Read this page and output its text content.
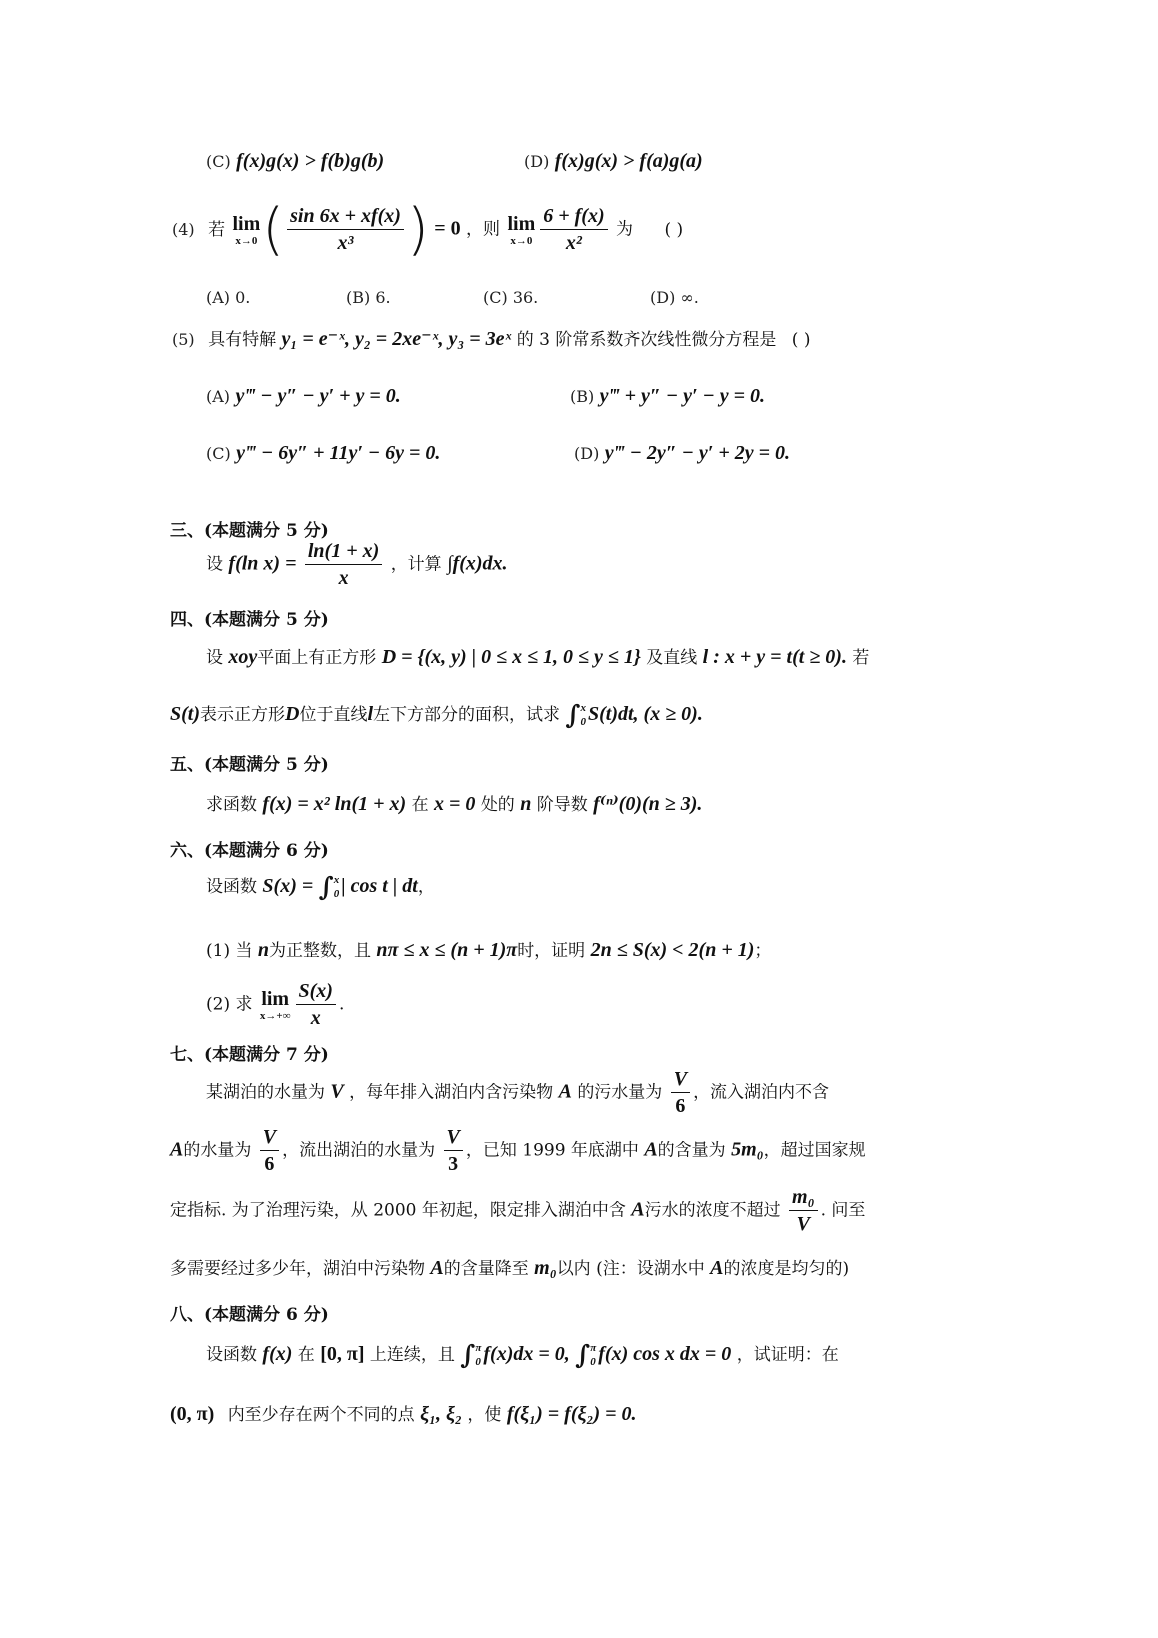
(C) f(x)g(x) > f(b)g(b)	(D) f(x)g(x) > f(a)g(a)
(4) 若 lim
x→0 ( $\frac{\sin 6x + xf(x)}{\text{x³}}$ ) = 0 ，则 lim
$x\to 0 \frac{6 + f(x)}{\text{x²}}$ 为 ( )
(A) 0.	(B) 6.	(C) 36.	(D) ∞.
(5) 具有特解 y₁ = e⁻ˣ, y₂ = 2xe⁻ˣ, y₃ = 3eˣ 的 3 阶常系数齐次线性微分方程是 ( )
(A) y‴ − y″ − y′ + y = 0.	(B) y‴ + y″ − y′ − y = 0.
(C) y‴ − 6y″ + 11y′ − 6y = 0.	(D) y‴ − 2y″ − y′ + 2y = 0.
三、(本题满分 5 分)
设 f(ln $x) = \frac{\ln(1 + x)}{x}$ ，计算 ∫f(x)dx.
四、(本题满分 5 分)
设 xoy平面上有正方形 D = {(x, y) | 0 ≤ x ≤ 1, 0 ≤ y ≤ 1} 及直线 l : x + y = t(t ≥ 0). 若
S(t)表示正方形D位于直线l左下方部分的面积，试求 ∫x
0 S(t)dt, (x ≥ 0).
五、(本题满分 5 分)
求函数 f(x) = x² ln(1 + x) 在 x = 0 处的 n 阶导数 f⁽ⁿ⁾(0)(n ≥ 3).
六、(本题满分 6 分)
设函数 S(x) = ∫x
0 | cos t | dt，
(1) 当 n为正整数，且 nπ ≤ x ≤ (n + 1)π时，证明 2n ≤ S(x) < 2(n + 1)；
(2) 求 lim
$x\to+\infty \frac{S(x)}{x}$ .
七、(本题满分 7 分)
某湖泊的水量为 V ，每年排入湖泊内含污染物 A 的污水量为 $\frac{V}{6}$ ，流入湖泊内不含
A的水量为 $\frac{V}{6}$ ，流出湖泊的水量为 $\frac{V}{3}$ ，已知 1999 年底湖中 A的含量为 5m₀，超过国家规
定指标. 为了治理污染，从 2000 年初起，限定排入湖泊中含 A污水的浓度不超过 $\frac{\text{m₀}}{V}$ . 问至
多需要经过多少年，湖泊中污染物 A的含量降至 m₀以内 (注：设湖水中 A的浓度是均匀的)
八、(本题满分 6 分)
设函数 f(x) 在 [0, π] 上连续，且 ∫π
0 f(x)dx = 0, ∫π
0 f(x) cos x dx = 0 ，试证明：在
(0, π) 内至少存在两个不同的点 ξ₁, ξ₂ ，使 f(ξ₁) = f(ξ₂) = 0.
